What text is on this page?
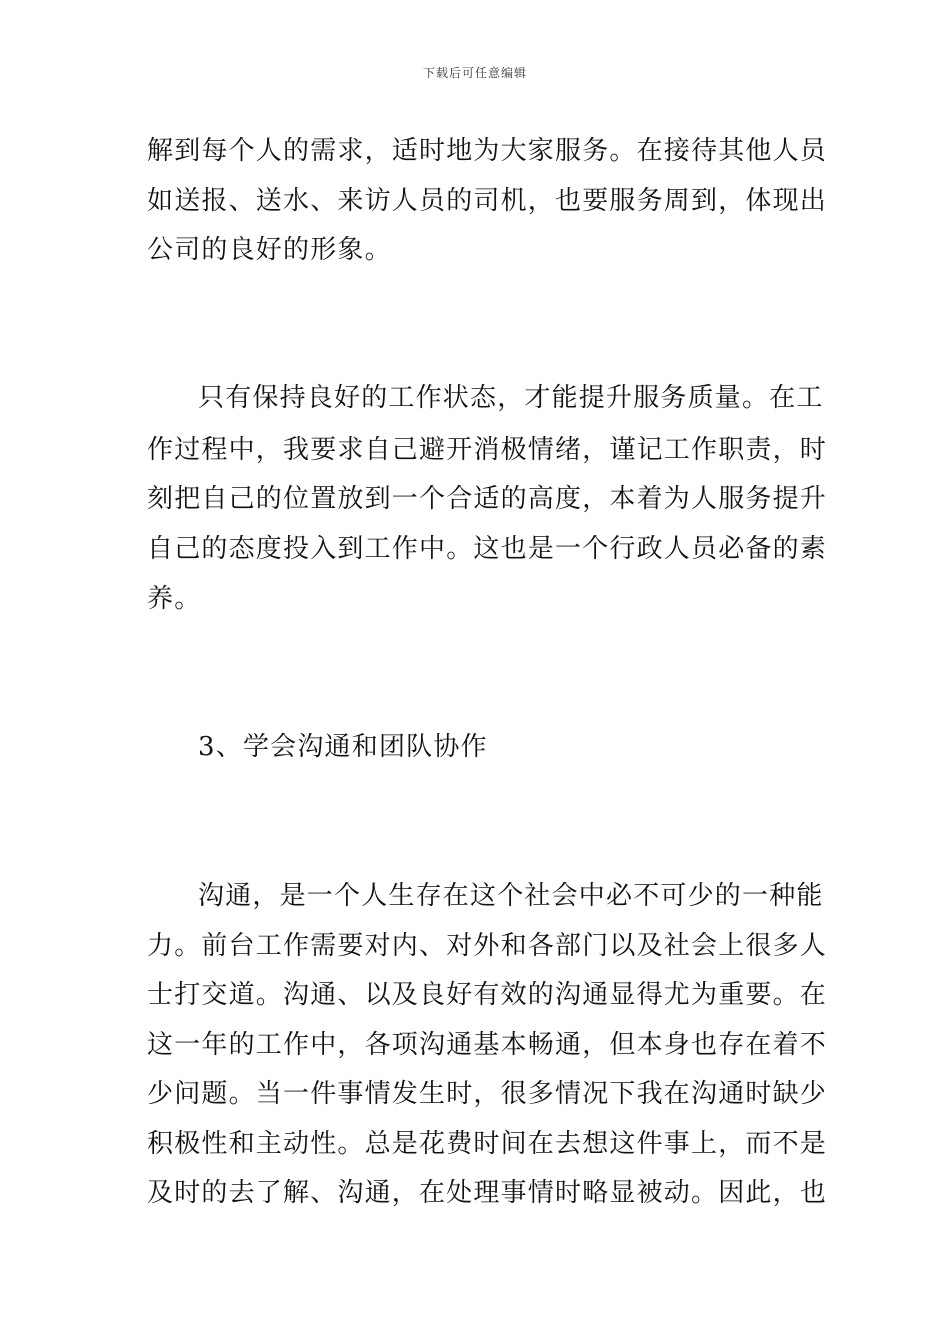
下载后可任意编辑
解到每个人的需求，适时地为大家服务。在接待其他人员
如送报、送水、来访人员的司机，也要服务周到，体现出
公司的良好的形象。
只有保持良好的工作状态，才能提升服务质量。在工
作过程中，我要求自己避开消极情绪，谨记工作职责，时
刻把自己的位置放到一个合适的高度，本着为人服务提升
自己的态度投入到工作中。这也是一个行政人员必备的素
养。
3、学会沟通和团队协作
沟通，是一个人生存在这个社会中必不可少的一种能
力。前台工作需要对内、对外和各部门以及社会上很多人
士打交道。沟通、以及良好有效的沟通显得尤为重要。在
这一年的工作中，各项沟通基本畅通，但本身也存在着不
少问题。当一件事情发生时，很多情况下我在沟通时缺少
积极性和主动性。总是花费时间在去想这件事上，而不是
及时的去了解、沟通，在处理事情时略显被动。因此，也
